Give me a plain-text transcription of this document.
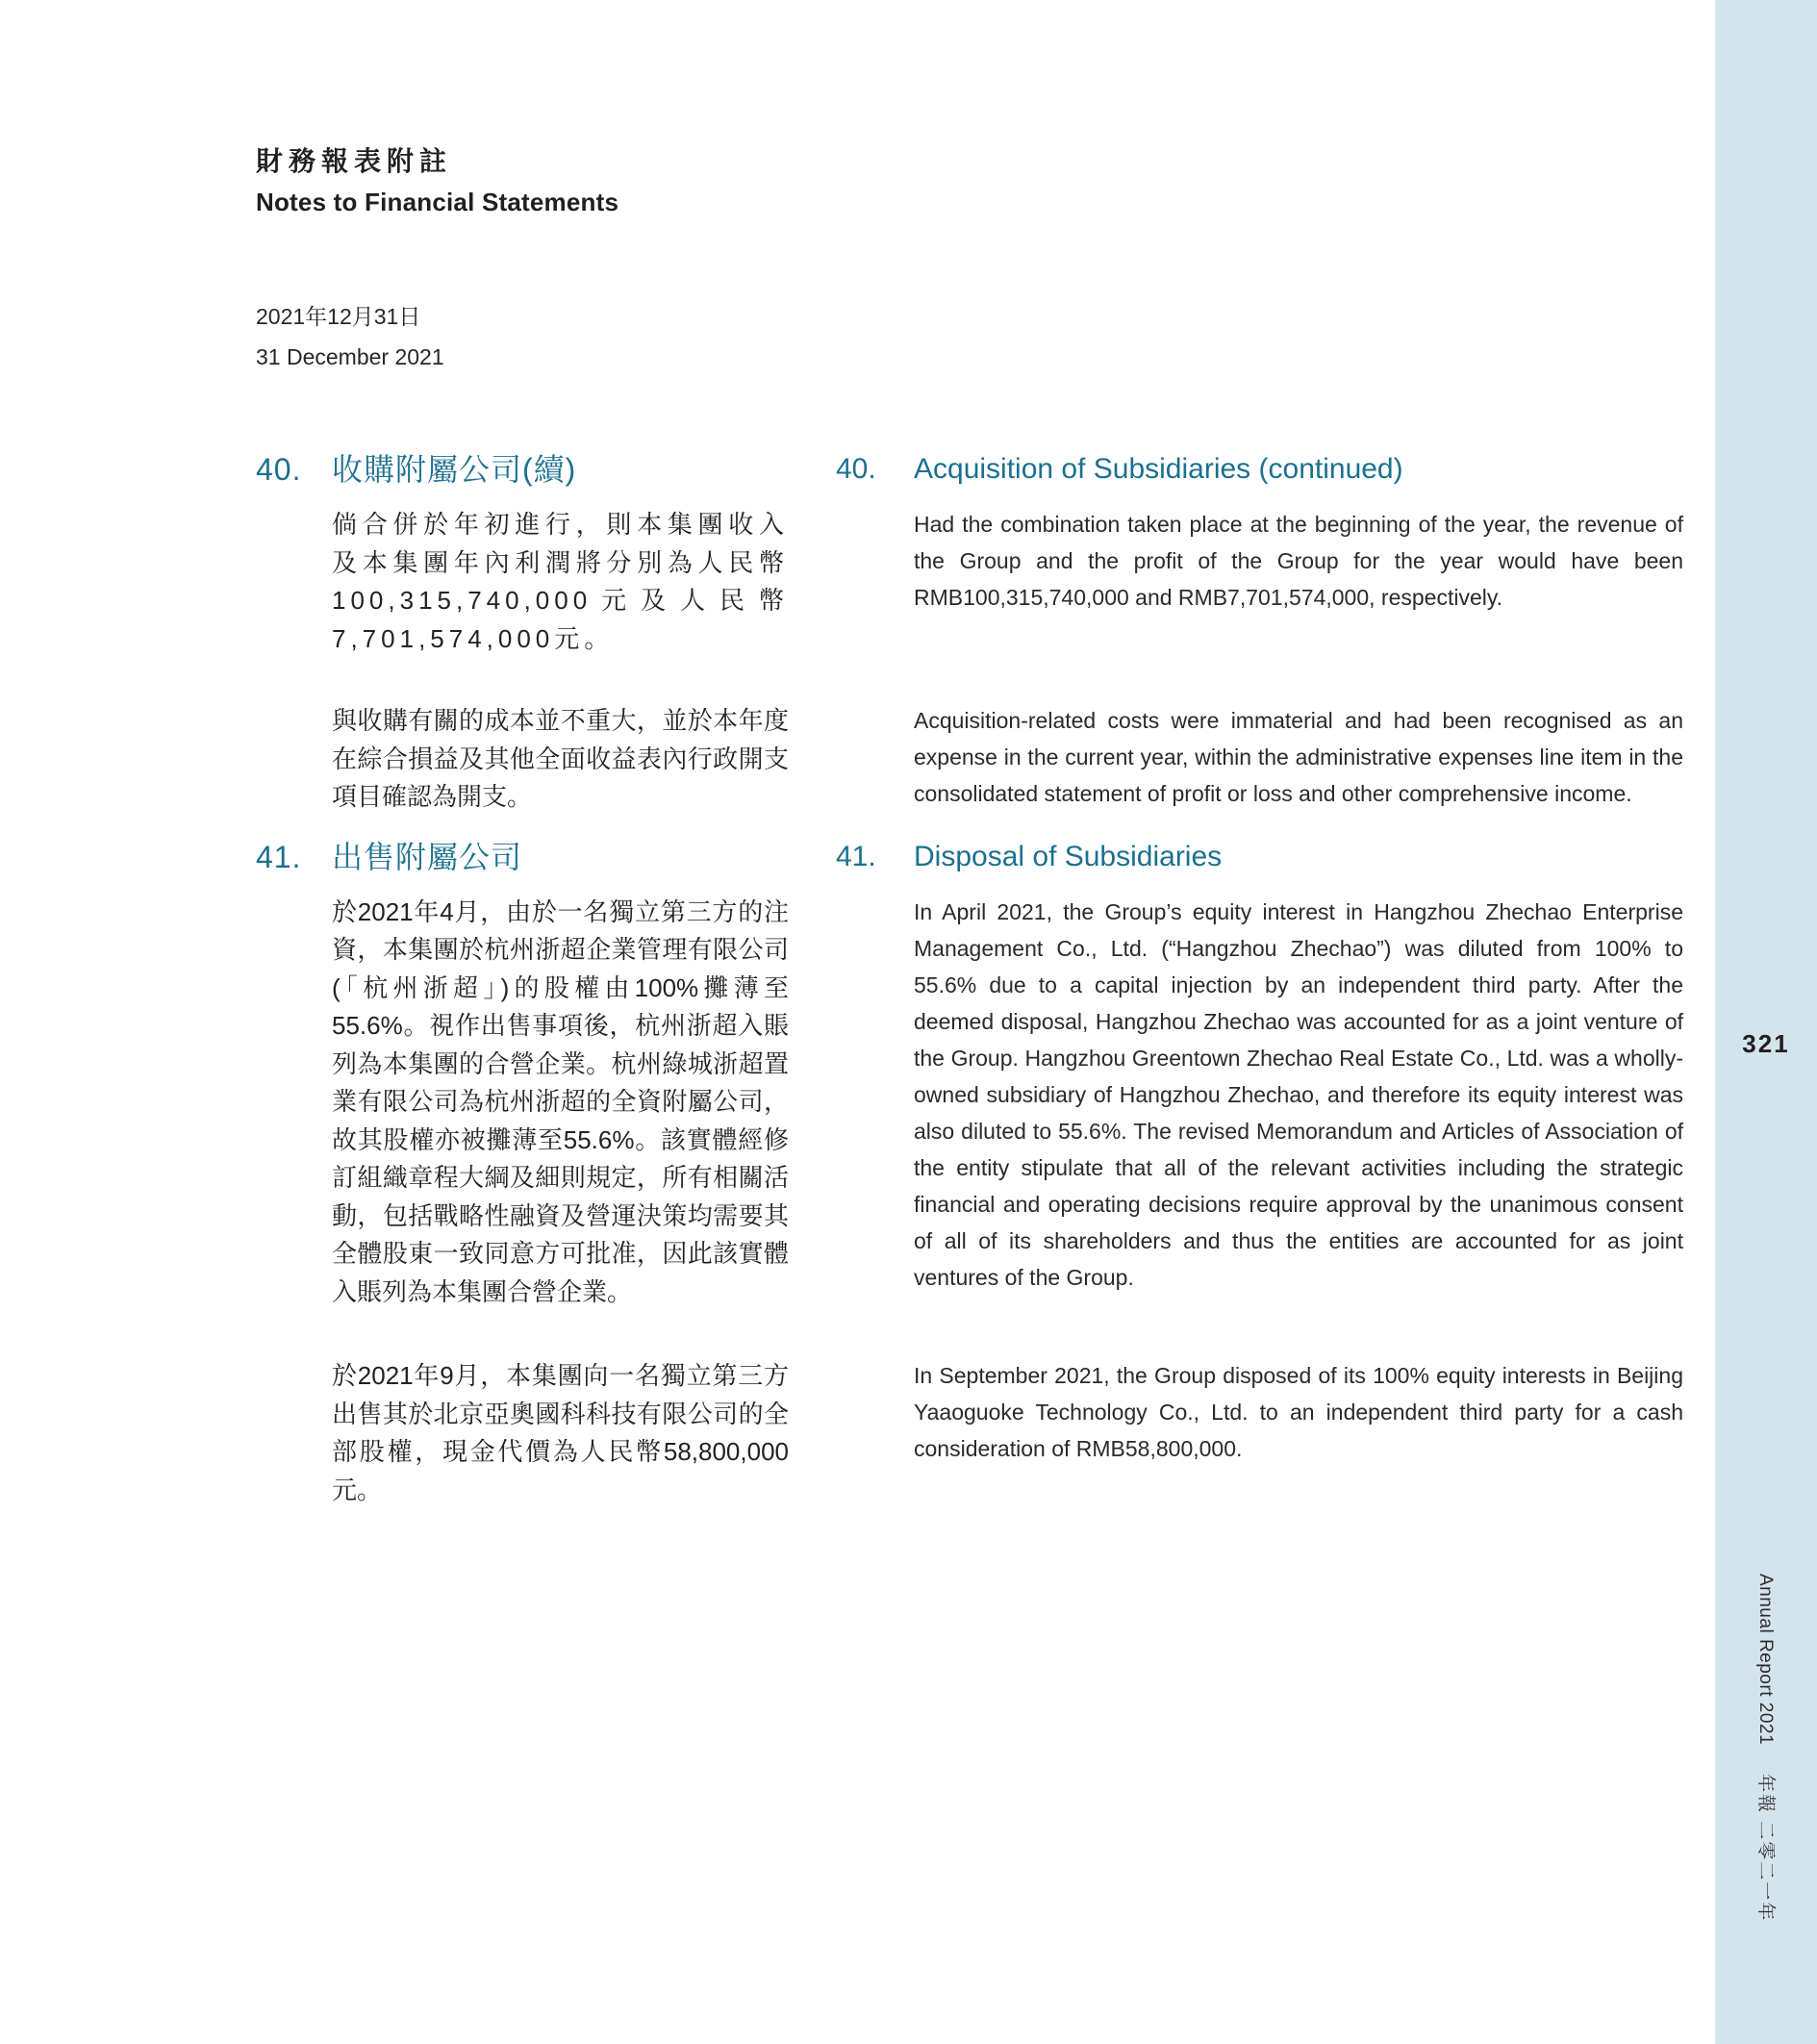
321
Annual Report 2021年報 二零二一年
財務報表附註
Notes to Financial Statements
2021年12月31日
31 December 2021
40. 收購附屬公司(續)	40.	Acquisition of Subsidiaries (continued)
倘合併於年初進行，則本集團收入及本集團年內利潤將分別為人民幣100,315,740,000元及人民幣7,701,574,000元。
Had the combination taken place at the beginning of the year, the revenue of the Group and the profit of the Group for the year would have been RMB100,315,740,000 and RMB7,701,574,000, respectively.
與收購有關的成本並不重大，並於本年度在綜合損益及其他全面收益表內行政開支項目確認為開支。
Acquisition-related costs were immaterial and had been recognised as an expense in the current year, within the administrative expenses line item in the consolidated statement of profit or loss and other comprehensive income.
41. 出售附屬公司	41.	Disposal of Subsidiaries
於2021年4月，由於一名獨立第三方的注資，本集團於杭州浙超企業管理有限公司(「杭州浙超」)的股權由100%攤薄至55.6%。視作出售事項後，杭州浙超入賬列為本集團的合營企業。杭州綠城浙超置業有限公司為杭州浙超的全資附屬公司，故其股權亦被攤薄至55.6%。該實體經修訂組織章程大綱及細則規定，所有相關活動，包括戰略性融資及營運決策均需要其全體股東一致同意方可批准，因此該實體入賬列為本集團合營企業。
In April 2021, the Group’s equity interest in Hangzhou Zhechao Enterprise Management Co., Ltd. (“Hangzhou Zhechao”) was diluted from 100% to 55.6% due to a capital injection by an independent third party. After the deemed disposal, Hangzhou Zhechao was accounted for as a joint venture of the Group. Hangzhou Greentown Zhechao Real Estate Co., Ltd. was a wholly-owned subsidiary of Hangzhou Zhechao, and therefore its equity interest was also diluted to 55.6%. The revised Memorandum and Articles of Association of the entity stipulate that all of the relevant activities including the strategic financial and operating decisions require approval by the unanimous consent of all of its shareholders and thus the entities are accounted for as joint ventures of the Group.
於2021年9月，本集團向一名獨立第三方出售其於北京亞奧國科科技有限公司的全部股權，現金代價為人民幣58,800,000元。
In September 2021, the Group disposed of its 100% equity interests in Beijing Yaaoguoke Technology Co., Ltd. to an independent third party for a cash consideration of RMB58,800,000.
